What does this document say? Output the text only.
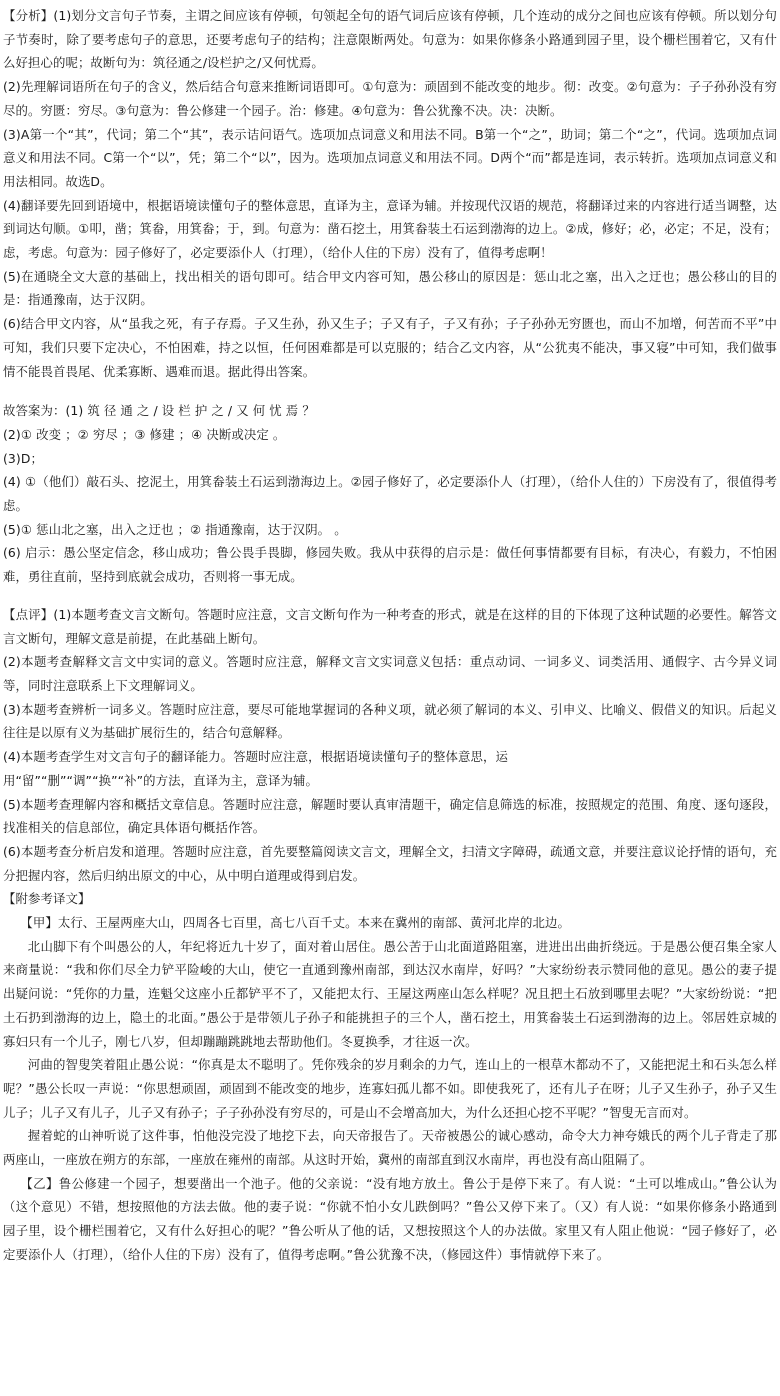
【分析】(1)划分文言句子节奏，主谓之间应该有停顿，句领起全句的语气词后应该有停顿，几个连动的成分之间也应该有停顿。所以划分句子节奏时，除了要考虑句子的意思，还要考虑句子的结构；注意限断两处。句意为：如果你修条小路通到园子里，设个栅栏围着它，又有什么好担心的呢；故断句为：筑径通之/设栏护之/又何忧焉。

(2)先理解词语所在句子的含义，然后结合句意来推断词语即可。①句意为：顽固到不能改变的地步。彻：改变。②句意为：子子孙孙没有穷尽的。穷匮：穷尽。③句意为：鲁公修建一个园子。治：修建。④句意为：鲁公犹豫不决。决：决断。

(3)A第一个“其”，代词；第二个“其”，表示诘问语气。选项加点词意义和用法不同。B第一个“之”，助词；第二个“之”，代词。选项加点词意义和用法不同。C第一个“以”，凭；第二个“以”，因为。选项加点词意义和用法不同。D两个“而”都是连词，表示转折。选项加点词意义和用法相同。故选D。

(4)翻译要先回到语境中，根据语境读懂句子的整体意思，直译为主，意译为辅。并按现代汉语的规范，将翻译过来的内容进行适当调整，达到词达句顺。①叩，凿；箕畚，用箕畚；于，到。句意为：凿石挖土，用箕畚装土石运到渤海的边上。②成，修好；必，必定；不足，没有；虑，考虑。句意为：园子修好了，必定要添仆人（打理），（给仆人住的下房）没有了，值得考虑啊！

(5)在通晓全文大意的基础上，找出相关的语句即可。结合甲文内容可知，愚公移山的原因是：惩山北之塞，出入之迂也；愚公移山的目的是：指通豫南，达于汉阴。

(6)结合甲文内容，从“虽我之死，有子存焉。子又生孙，孙又生子；子又有子，子又有孙；子子孙孙无穷匮也，而山不加增，何苦而不平”中可知，我们只要下定决心，不怕困难，持之以恒，任何困难都是可以克服的；结合乙文内容，从“公犹夷不能决，事又寝”中可知，我们做事情不能畏首畏尾、优柔寡断、遇难而退。据此得出答案。

故答案为：(1) 筑 径 通 之 / 设 栏 护 之 / 又 何 忧 焉 ？

(2)① 改变 ；② 穷尽 ；③ 修建 ；④ 决断或决定 。

(3)D；

(4) ①（他们）敲石头、挖泥土，用箕畚装土石运到渤海边上。②园子修好了，必定要添仆人（打理），（给仆人住的）下房没有了，很值得考虑。

(5)① 惩山北之塞，出入之迂也 ；② 指通豫南，达于汉阴。 。

(6) 启示：愚公坚定信念，移山成功；鲁公畏手畏脚，修园失败。我从中获得的启示是：做任何事情都要有目标，有决心，有毅力，不怕困难，勇往直前，坚持到底就会成功，否则将一事无成。

【点评】(1)本题考查文言文断句。答题时应注意，文言文断句作为一种考查的形式，就是在这样的目的下体现了这种试题的必要性。解答文言文断句，理解文意是前提，在此基础上断句。

(2)本题考查解释文言文中实词的意义。答题时应注意，解释文言文实词意义包括：重点动词、一词多义、词类活用、通假字、古今异义词等，同时注意联系上下文理解词义。

(3)本题考查辨析一词多义。答题时应注意，要尽可能地掌握词的各种义项，就必须了解词的本义、引申义、比喻义、假借义的知识。后起义往往是以原有义为基础扩展衍生的，结合句意解释。

(4)本题考查学生对文言句子的翻译能力。答题时应注意，根据语境读懂句子的整体意思，运

用“留”“删”“调”“换”“补”的方法，直译为主，意译为辅。

(5)本题考查理解内容和概括文章信息。答题时应注意，解题时要认真审清题干，确定信息筛选的标准，按照规定的范围、角度、逐句逐段，找准相关的信息部位，确定具体语句概括作答。

(6)本题考查分析启发和道理。答题时应注意，首先要整篇阅读文言文，理解全文，扫清文字障碍，疏通文意，并要注意议论抒情的语句，充分把握内容，然后归纳出原文的中心，从中明白道理或得到启发。

【附参考译文】

【甲】太行、王屋两座大山，四周各七百里，高七八百千丈。本来在冀州的南部、黄河北岸的北边。

北山脚下有个叫愚公的人，年纪将近九十岁了，面对着山居住。愚公苦于山北面道路阻塞，进进出出曲折绕远。于是愚公便召集全家人来商量说：“我和你们尽全力铲平险峻的大山，使它一直通到豫州南部，到达汉水南岸，好吗？”大家纷纷表示赞同他的意见。愚公的妻子提出疑问说：“凭你的力量，连魁父这座小丘都铲平不了，又能把太行、王屋这两座山怎么样呢？况且把土石放到哪里去呢？”大家纷纷说：“把土石扔到渤海的边上，隐土的北面。”愚公于是带领儿子孙子和能挑担子的三个人，凿石挖土，用箕畚装土石运到渤海的边上。邻居姓京城的寡妇只有一个儿子，刚七八岁，但却蹦蹦跳跳地去帮助他们。冬夏换季，才往返一次。

河曲的智叟笑着阻止愚公说：“你真是太不聪明了。凭你残余的岁月剩余的力气，连山上的一根草木都动不了，又能把泥土和石头怎么样呢？”愚公长叹一声说：“你思想顽固，顽固到不能改变的地步，连寡妇孤儿都不如。即使我死了，还有儿子在呀；儿子又生孙子，孙子又生儿子；儿子又有儿子，儿子又有孙子；子子孙孙没有穷尽的，可是山不会增高加大，为什么还担心挖不平呢？”智叟无言而对。

握着蛇的山神听说了这件事，怕他没完没了地挖下去，向天帝报告了。天帝被愚公的诚心感动，命令大力神夸娥氏的两个儿子背走了那两座山，一座放在朔方的东部，一座放在雍州的南部。从这时开始，冀州的南部直到汉水南岸，再也没有高山阻隔了。

【乙】鲁公修建一个园子，想要凿出一个池子。他的父亲说：“没有地方放土。鲁公于是停下来了。有人说：“土可以堆成山。”鲁公认为（这个意见）不错，想按照他的方法去做。他的妻子说：“你就不怕小女儿跌倒吗？”鲁公又停下来了。（又）有人说：“如果你修条小路通到园子里，设个栅栏围着它，又有什么好担心的呢？”鲁公听从了他的话，又想按照这个人的办法做。家里又有人阻止他说：“园子修好了，必定要添仆人（打理），（给仆人住的下房）没有了，值得考虑啊。”鲁公犹豫不决，（修园这件）事情就停下来了。
